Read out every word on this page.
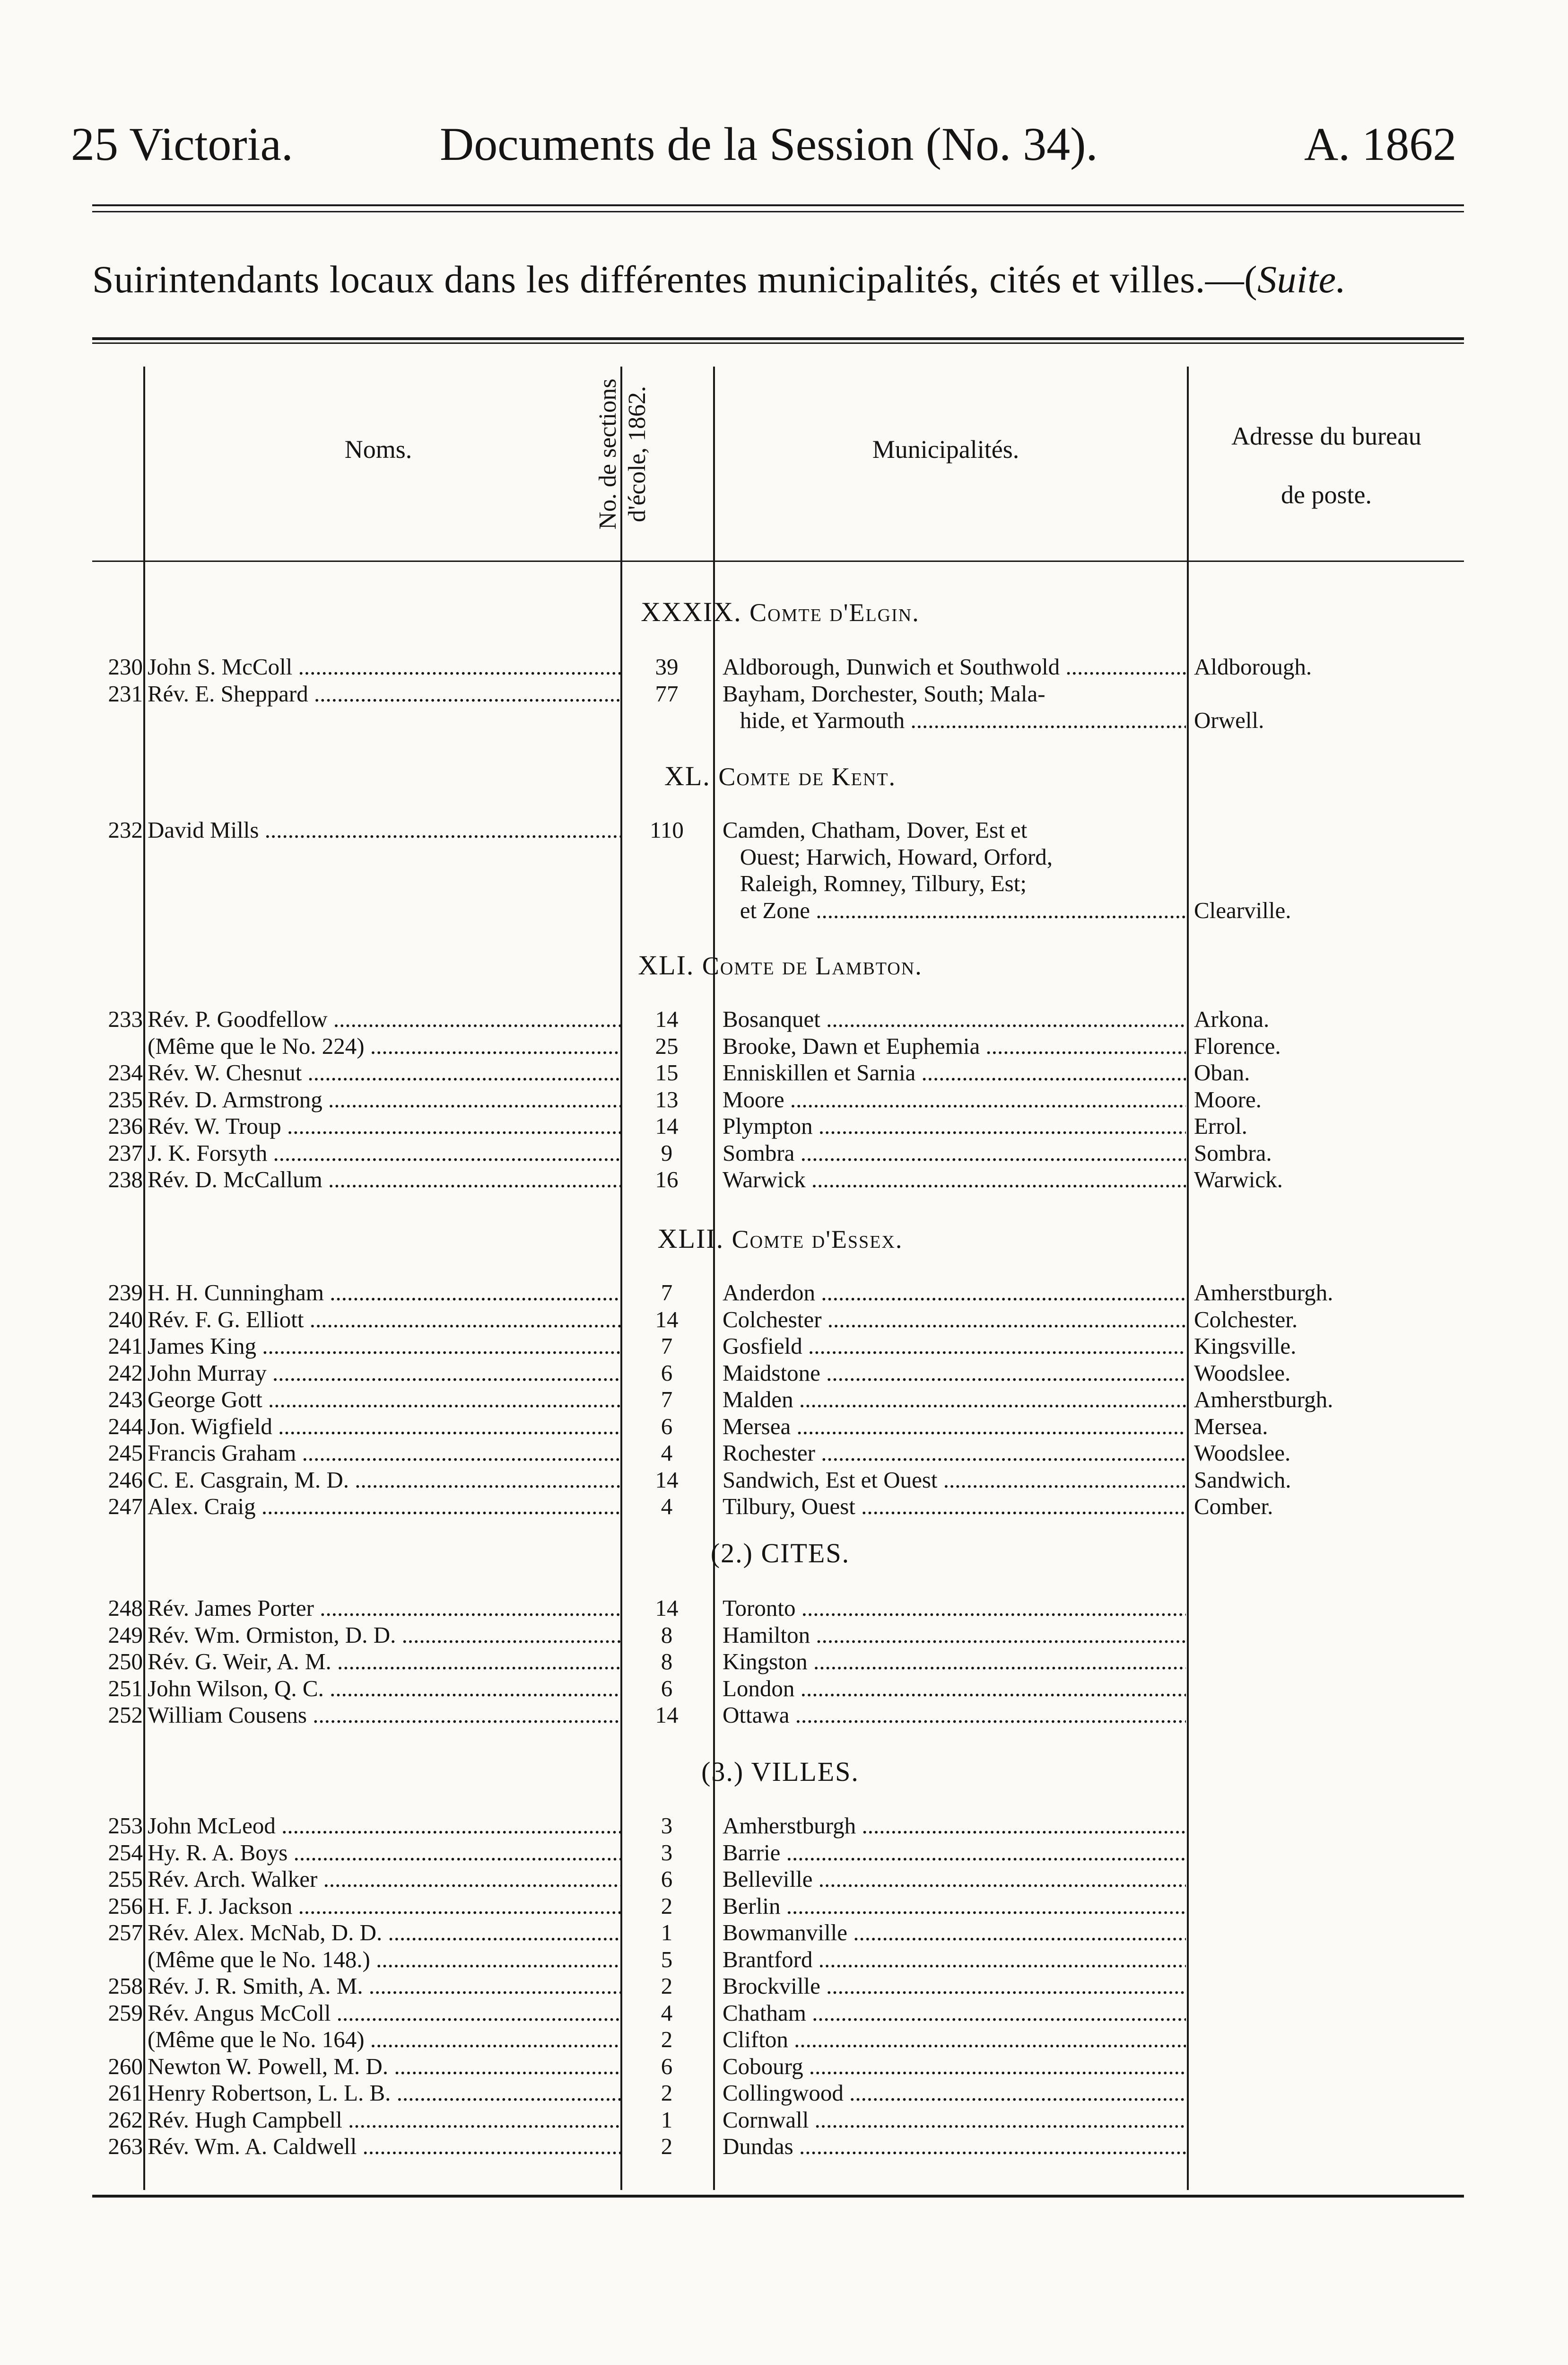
25 Victoria.	Documents de la Session (No. 34).	A. 1862
Suirintendants locaux dans les différentes municipalités, cités et villes.—(Suite.
Noms.	No. de sections d'école, 1862.	Municipalités.	Adresse du bureau
de poste.
XXXIX. Comte d'Elgin.
230 John S. McColl .....	39	Aldborough, Dunwich et Southwold .....	Aldborough.
231 Rév. E. Sheppard .....	77	Bayham, Dorchester, South; Mala-
hide, et Yarmouth .....	Orwell.
XL. Comte de Kent.
232 David Mills .....	110	Camden, Chatham, Dover, Est et
Ouest; Harwich, Howard, Orford,
Raleigh, Romney, Tilbury, Est;
et Zone .....	Clearville.
XLI. Comte de Lambton.
233 Rév. P. Goodfellow .....	14	Bosanquet .....	Arkona.
(Même que le No. 224) .....	25	Brooke, Dawn et Euphemia .....	Florence.
234 Rév. W. Chesnut .....	15	Enniskillen et Sarnia .....	Oban.
235 Rév. D. Armstrong .....	13	Moore .....	Moore.
236 Rév. W. Troup .....	14	Plympton .....	Errol.
237 J. K. Forsyth .....	9	Sombra .....	Sombra.
238 Rév. D. McCallum .....	16	Warwick .....	Warwick.
XLII. Comte d'Essex.
239 H. H. Cunningham .....	7	Anderdon .....	Amherstburgh.
240 Rév. F. G. Elliott .....	14	Colchester .....	Colchester.
241 James King .....	7	Gosfield .....	Kingsville.
242 John Murray .....	6	Maidstone .....	Woodslee.
243 George Gott .....	7	Malden .....	Amherstburgh.
244 Jon. Wigfield .....	6	Mersea .....	Mersea.
245 Francis Graham .....	4	Rochester .....	Woodslee.
246 C. E. Casgrain, M. D. .....	14	Sandwich, Est et Ouest .....	Sandwich.
247 Alex. Craig .....	4	Tilbury, Ouest .....	Comber.
(2.) CITES.
248 Rév. James Porter .....	14	Toronto .....
249 Rév. Wm. Ormiston, D. D. .....	8	Hamilton .....
250 Rév. G. Weir, A. M. .....	8	Kingston .....
251 John Wilson, Q. C. .....	6	London .....
252 William Cousens .....	14	Ottawa .....
(3.) VILLES.
253 John McLeod .....	3	Amherstburgh .....
254 Hy. R. A. Boys .....	3	Barrie .....
255 Rév. Arch. Walker .....	6	Belleville .....
256 H. F. J. Jackson .....	2	Berlin .....
257 Rév. Alex. McNab, D. D. .....	1	Bowmanville .....
(Même que le No. 148.) .....	5	Brantford .....
258 Rév. J. R. Smith, A. M. .....	2	Brockville .....
259 Rév. Angus McColl .....	4	Chatham .....
(Même que le No. 164) .....	2	Clifton .....
260 Newton W. Powell, M. D. .....	6	Cobourg .....
261 Henry Robertson, L. L. B. .....	2	Collingwood .....
262 Rév. Hugh Campbell .....	1	Cornwall .....
263 Rév. Wm. A. Caldwell .....	2	Dundas .....
